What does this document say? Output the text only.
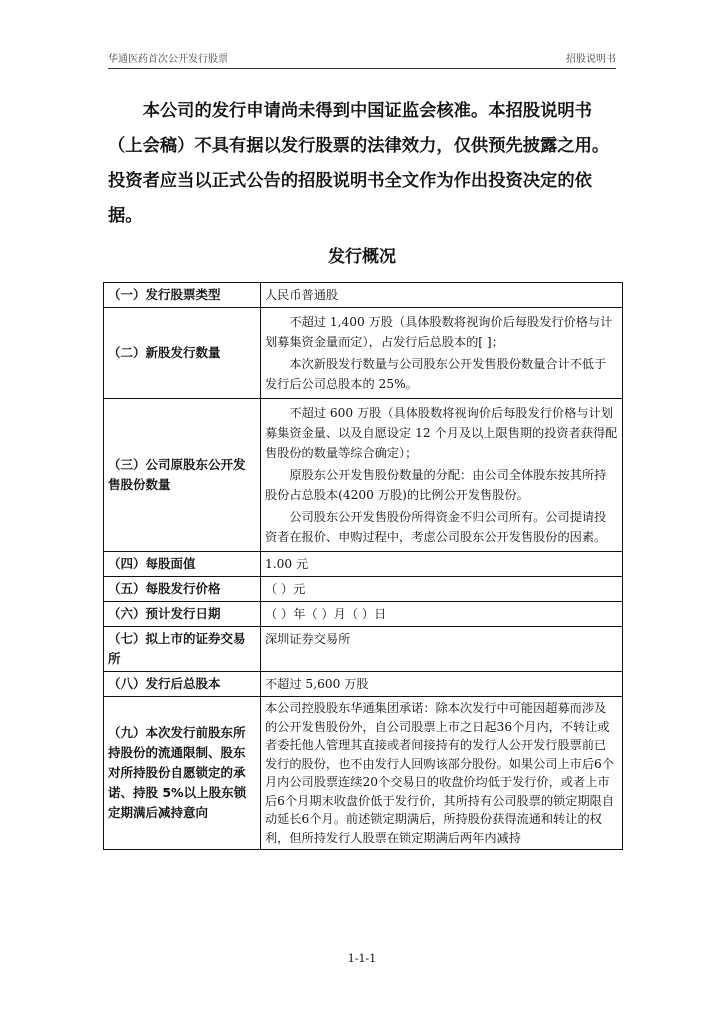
华通医药首次公开发行股票	招股说明书

本公司的发行申请尚未得到中国证监会核准。本招股说明书（上会稿）不具有据以发行股票的法律效力，仅供预先披露之用。投资者应当以正式公告的招股说明书全文作为作出投资决定的依据。

发行概况
（一）发行股票类型	人民币普通股

（二）新股发行数量	不超过 1,400 万股（具体股数将视询价后每股发行价格与计划募集资金量而定），占发行后总股本的[ ]；

本次新股发行数量与公司股东公开发售股份数量合计不低于发行后公司总股本的 25%。

（三）公司原股东公开发售股份数量	不超过 600 万股（具体股数将视询价后每股发行价格与计划募集资金量、以及自愿设定 12 个月及以上限售期的投资者获得配售股份的数量等综合确定）；

原股东公开发售股份数量的分配：由公司全体股东按其所持股份占总股本(4200 万股)的比例公开发售股份。

公司股东公开发售股份所得资金不归公司所有。公司提请投资者在报价、申购过程中，考虑公司股东公开发售股份的因素。

（四）每股面值	1.00 元

（五）每股发行价格	（ ）元

（六）预计发行日期	（ ）年（ ）月（ ）日

（七）拟上市的证券交易所	深圳证券交易所

（八）发行后总股本	不超过 5,600 万股

（九）本次发行前股东所持股份的流通限制、股东对所持股份自愿锁定的承诺、持股 5%以上股东锁定期满后减持意向	本公司控股股东华通集团承诺：除本次发行中可能因超募而涉及的公开发售股份外，自公司股票上市之日起36个月内，不转让或者委托他人管理其直接或者间接持有的发行人公开发行股票前已发行的股份，也不由发行人回购该部分股份。如果公司上市后6个月内公司股票连续20个交易日的收盘价均低于发行价，或者上市后6个月期末收盘价低于发行价，其所持有公司股票的锁定期限自动延长6个月。前述锁定期满后，所持股份获得流通和转让的权利，但所持发行人股票在锁定期满后两年内减持

1-1-1
